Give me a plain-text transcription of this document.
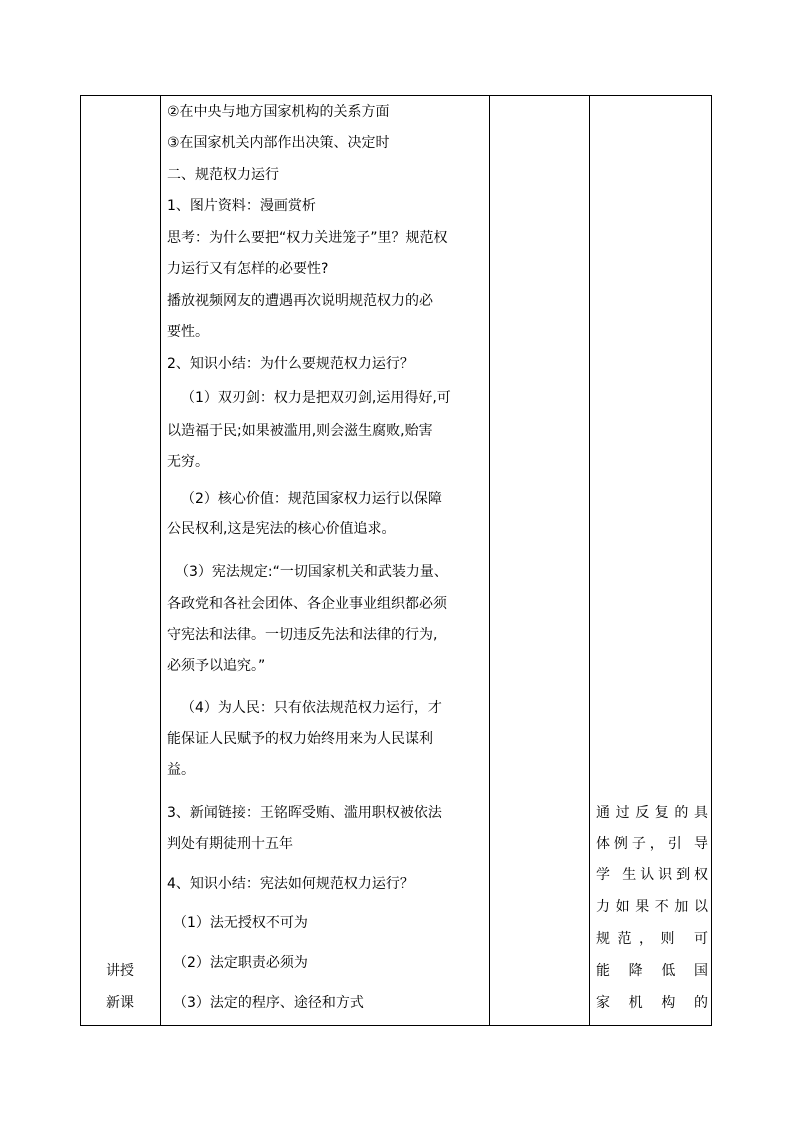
讲授
新课
②在中央与地方国家机构的关系方面
③在国家机关内部作出决策、决定时
二、规范权力运行
1、图片资料：漫画赏析
思考：为什么要把“权力关进笼子”里？规范权
力运行又有怎样的必要性?
播放视频网友的遭遇再次说明规范权力的必
要性。
2、知识小结：为什么要规范权力运行？
（1）双刃剑：权力是把双刃剑,运用得好,可
以造福于民;如果被滥用,则会滋生腐败,贻害
无穷。
（2）核心价值：规范国家权力运行以保障
公民权利,这是宪法的核心价值追求。
（3）宪法规定:“一切国家机关和武装力量、
各政党和各社会团体、各企业事业组织都必须
守宪法和法律。一切违反先法和法律的行为,
必须予以追究。”
（4）为人民：只有依法规范权力运行，才
能保证人民赋予的权力始终用来为人民谋利
益。
3、新闻链接：王铭晖受贿、滥用职权被依法
判处有期徒刑十五年
4、知识小结：宪法如何规范权力运行？
（1）法无授权不可为
（2）法定职责必须为
（3）法定的程序、途径和方式
通过反复的具
体例子，引 导
学 生认识到权
力如果不加以
规范，则 可
能 降 低 国
家 机 构 的
